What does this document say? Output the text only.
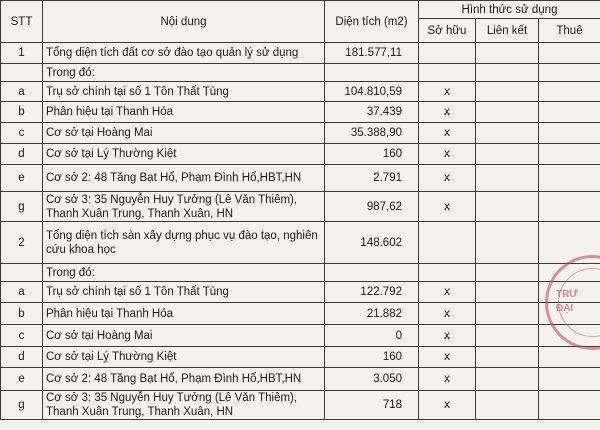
STT	Nội dung	Diện tích (m2)	Hình thức sử dụng		
			Sở hữu	Liên kết	Thuê
1	Tổng diện tích đất cơ sở đào tạo quản lý sử dụng	181.577,11			
	Trong đó:				
a	Trụ sở chính tại số 1 Tôn Thất Tùng	104.810,59	x		
b	Phân hiệu tại Thanh Hóa	37.439	x		
c	Cơ sở tại Hoàng Mai	35.388,90	x		
d	Cơ sở tại Lý Thường Kiệt	160	x		
e	Cơ sở 2: 48 Tăng Bạt Hổ, Phạm Đình Hổ,HBT,HN	2.791	x		
g	Cơ sở 3: 35 Nguyễn Huy Tưởng (Lê Văn Thiêm), Thanh Xuân Trung, Thanh Xuân, HN	987,62	x		
2	Tổng diện tích sàn xây dựng phục vụ đào tạo, nghiên cứu khoa học	148.602			
	Trong đó:				
a	Trụ sở chính tại số 1 Tôn Thất Tùng	122.792	x		
b	Phân hiệu tại Thanh Hóa	21.882	x		
c	Cơ sở tại Hoàng Mai	0	x		
d	Cơ sở tại Lý Thường Kiệt	160	x		
e	Cơ sở 2: 48 Tăng Bạt Hổ, Phạm Đình Hổ,HBT,HN	3.050	x		
g	Cơ sở 3: 35 Nguyễn Huy Tưởng (Lê Văn Thiêm), Thanh Xuân Trung, Thanh Xuân, HN	718	x		
TRƯ
ĐẠI
